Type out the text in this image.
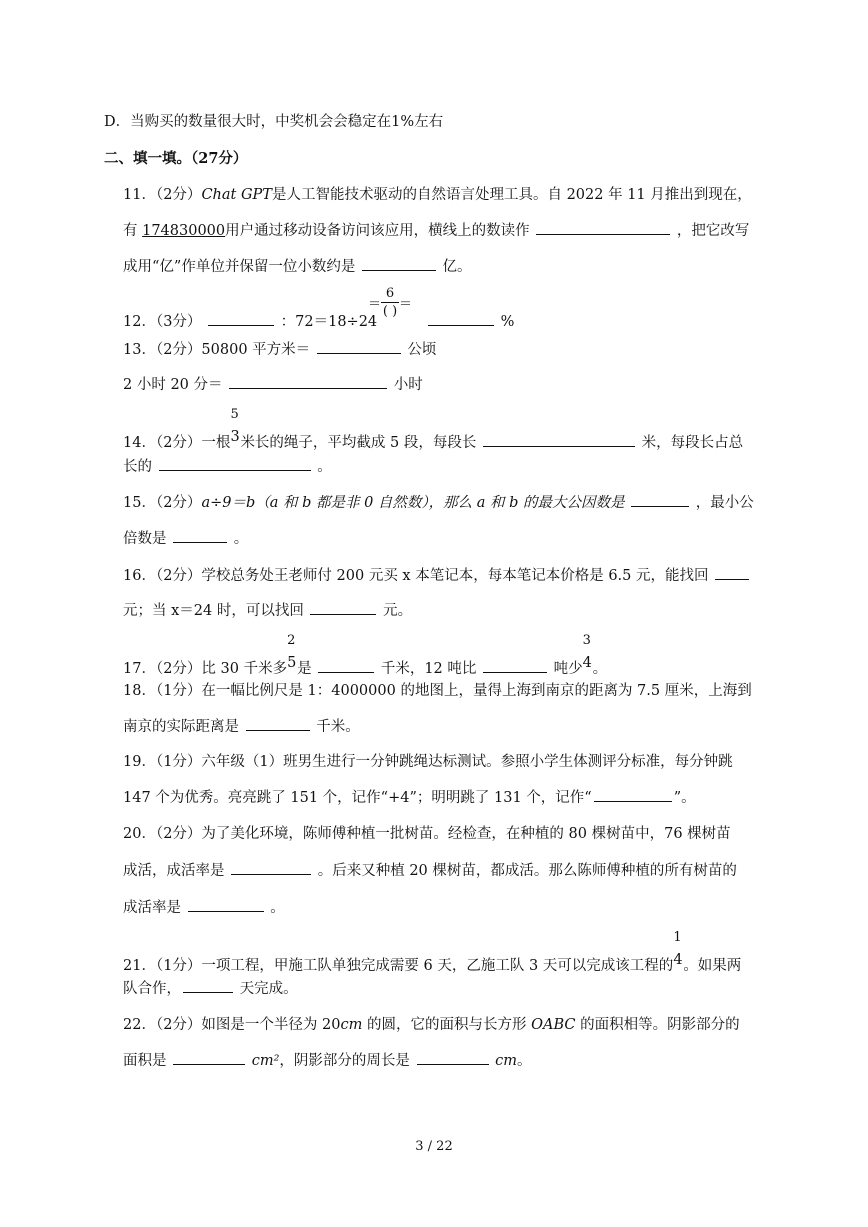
D．当购买的数量很大时，中奖机会会稳定在1%左右
二、填一填。（27分）
11．（2分）Chat GPT是人工智能技术驱动的自然语言处理工具。自 2022 年 11 月推出到现在，
有 174830000用户通过移动设备访问该应用，横线上的数读作	，把它改写
成用“亿”作单位并保留一位小数约是	亿。
12．（3分）	：72＝18÷24
＝
6
( ) ＝
%
13．（2分）50800 平方米＝	公顷
2 小时 20 分＝	小时
14．（2分）一根
5
3 米长的绳子，平均截成 5 段，每段长	米，每段长占总
长的	。
15．（2分）a÷9＝b（a 和 b 都是非 0 自然数），那么 a 和 b 的最大公因数是	，最小公
倍数是	。
16．（2分）学校总务处王老师付 200 元买 x 本笔记本，每本笔记本价格是 6.5 元，能找回
元；当 x＝24 时，可以找回	元。
17．（2分）比 30 千米多
2
5 是	千米，12 吨比	吨少
3
4 。
18．（1分）在一幅比例尺是 1：4000000 的地图上，量得上海到南京的距离为 7.5 厘米，上海到
南京的实际距离是	千米。
19．（1分）六年级（1）班男生进行一分钟跳绳达标测试。参照小学生体测评分标准，每分钟跳
147 个为优秀。亮亮跳了 151 个，记作“+4”；明明跳了 131 个，记作“	”。
20．（2分）为了美化环境，陈师傅种植一批树苗。经检查，在种植的 80 棵树苗中，76 棵树苗
成活，成活率是	。后来又种植 20 棵树苗，都成活。那么陈师傅种植的所有树苗的
成活率是	。
21．（1分）一项工程，甲施工队单独完成需要 6 天，乙施工队 3 天可以完成该工程的
1
4 。如果两
队合作，	天完成。
22．（2分）如图是一个半径为 20cm 的圆，它的面积与长方形 OABC 的面积相等。阴影部分的
面积是	cm²，阴影部分的周长是	cm。
3 / 22
